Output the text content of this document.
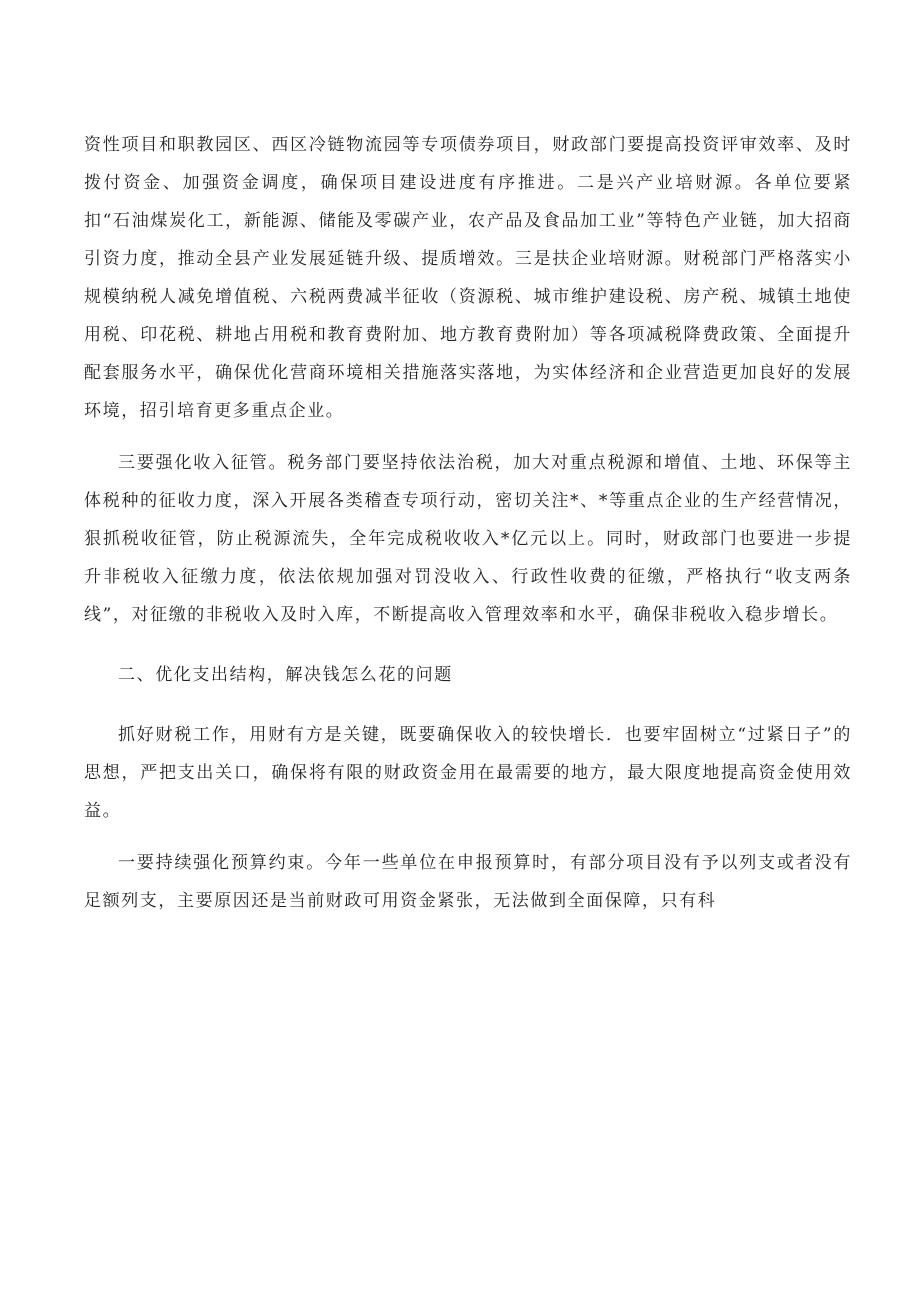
资性项目和职教园区、西区冷链物流园等专项债券项目，财政部门要提高投资评审效率、及时拨付资金、加强资金调度，确保项目建设进度有序推进。二是兴产业培财源。各单位要紧扣“石油煤炭化工，新能源、储能及零碳产业，农产品及食品加工业”等特色产业链，加大招商引资力度，推动全县产业发展延链升级、提质增效。三是扶企业培财源。财税部门严格落实小规模纳税人减免增值税、六税两费减半征收（资源税、城市维护建设税、房产税、城镇土地使用税、印花税、耕地占用税和教育费附加、地方教育费附加）等各项减税降费政策、全面提升配套服务水平，确保优化营商环境相关措施落实落地，为实体经济和企业营造更加良好的发展环境，招引培育更多重点企业。

三要强化收入征管。税务部门要坚持依法治税，加大对重点税源和增值、土地、环保等主体税种的征收力度，深入开展各类稽查专项行动，密切关注*、*等重点企业的生产经营情况，狠抓税收征管，防止税源流失，全年完成税收收入*亿元以上。同时，财政部门也要进一步提升非税收入征缴力度，依法依规加强对罚没收入、行政性收费的征缴，严格执行“收支两条线”，对征缴的非税收入及时入库，不断提高收入管理效率和水平，确保非税收入稳步增长。

二、优化支出结构，解决钱怎么花的问题

抓好财税工作，用财有方是关键，既要确保收入的较快增长．也要牢固树立“过紧日子”的思想，严把支出关口，确保将有限的财政资金用在最需要的地方，最大限度地提高资金使用效益。

一要持续强化预算约束。今年一些单位在申报预算时，有部分项目没有予以列支或者没有足额列支，主要原因还是当前财政可用资金紧张，无法做到全面保障，只有科
